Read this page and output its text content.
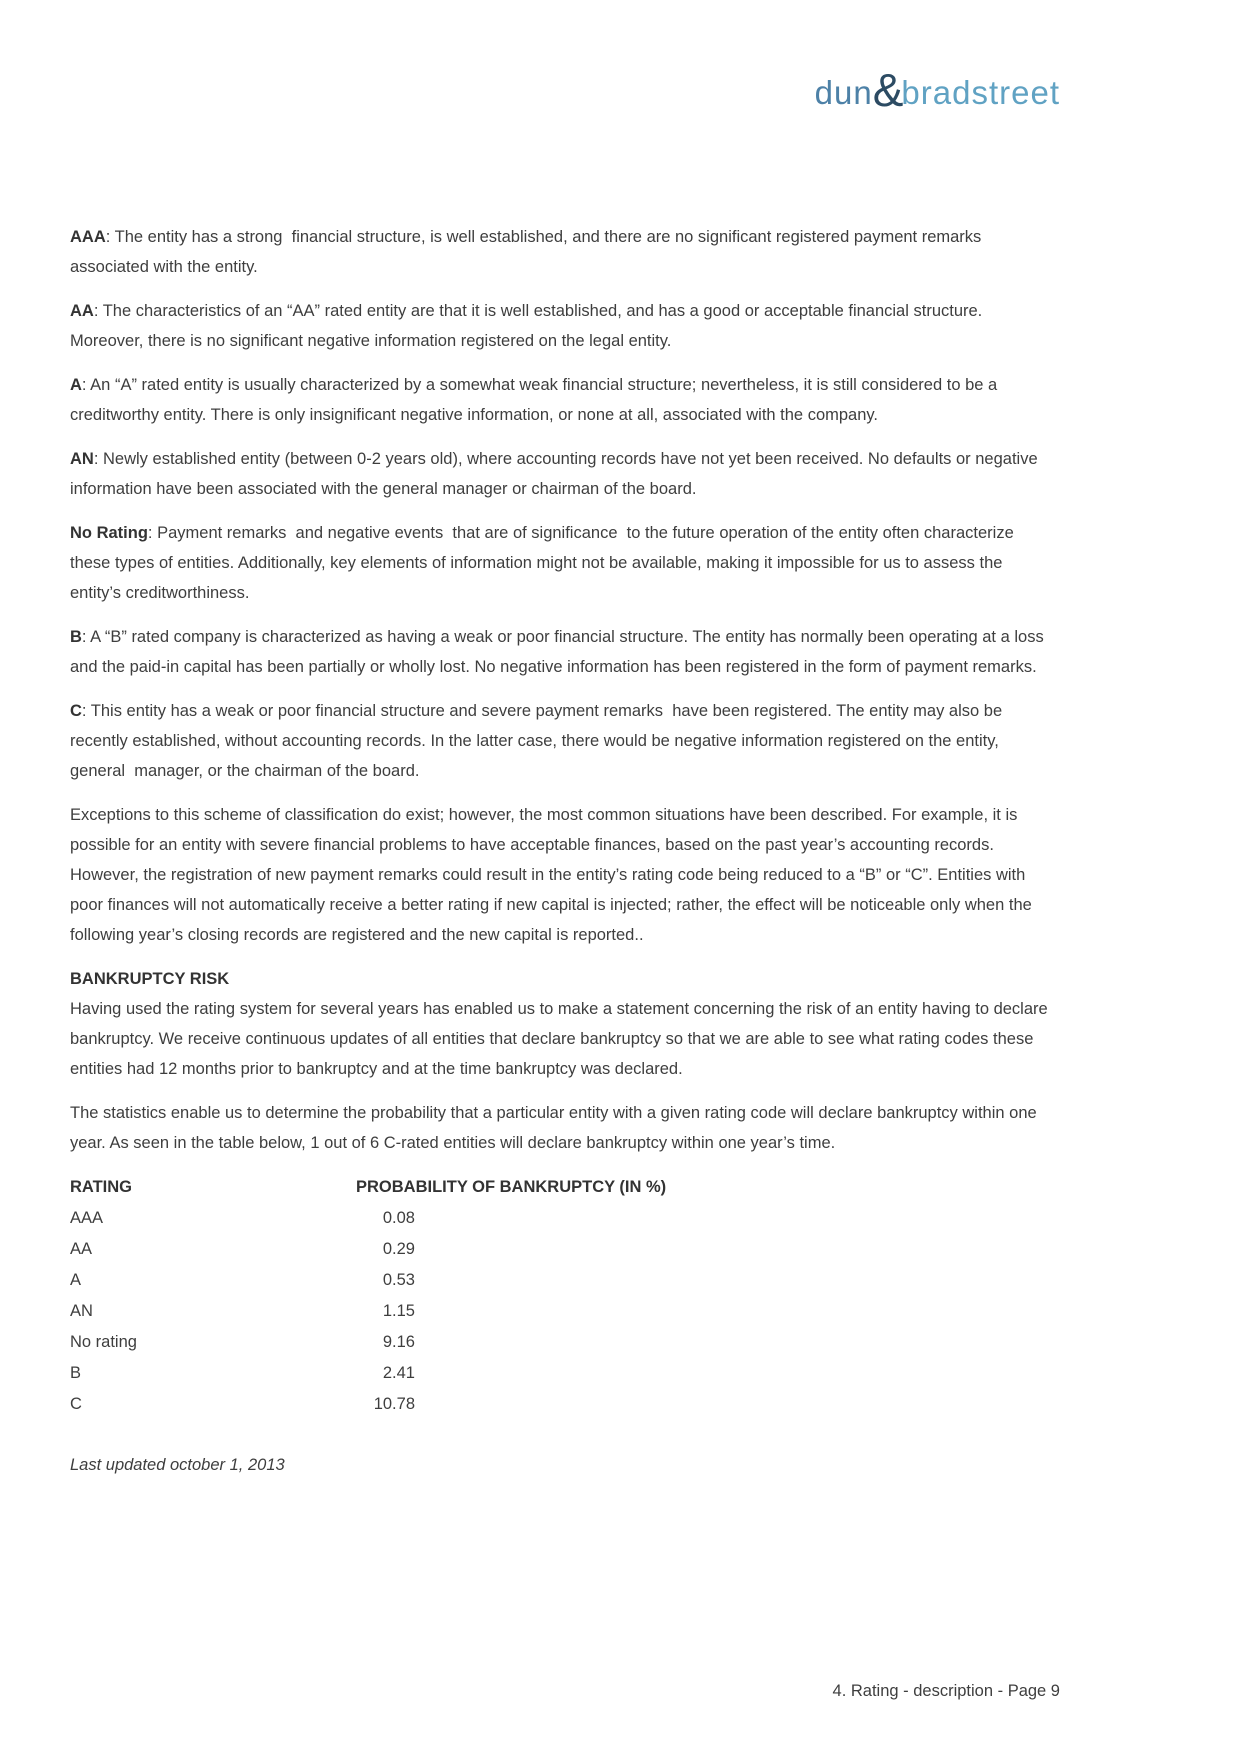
dun&bradstreet

AAA: The entity has a strong  financial structure, is well established, and there are no significant registered payment remarks associated with the entity.

AA: The characteristics of an “AA” rated entity are that it is well established, and has a good or acceptable financial structure. Moreover, there is no significant negative information registered on the legal entity.

A: An “A” rated entity is usually characterized by a somewhat weak financial structure; nevertheless, it is still considered to be a creditworthy entity. There is only insignificant negative information, or none at all, associated with the company.

AN: Newly established entity (between 0-2 years old), where accounting records have not yet been received. No defaults or negative information have been associated with the general manager or chairman of the board.

No Rating: Payment remarks  and negative events  that are of significance  to the future operation of the entity often characterize these types of entities. Additionally, key elements of information might not be available, making it impossible for us to assess the entity’s creditworthiness.

B: A “B” rated company is characterized as having a weak or poor financial structure. The entity has normally been operating at a loss and the paid-in capital has been partially or wholly lost. No negative information has been registered in the form of payment remarks.

C: This entity has a weak or poor financial structure and severe payment remarks  have been registered. The entity may also be recently established, without accounting records. In the latter case, there would be negative information registered on the entity, general  manager, or the chairman of the board.

Exceptions to this scheme of classification do exist; however, the most common situations have been described. For example, it is possible for an entity with severe financial problems to have acceptable finances, based on the past year’s accounting records. However, the registration of new payment remarks could result in the entity’s rating code being reduced to a “B” or “C”. Entities with poor finances will not automatically receive a better rating if new capital is injected; rather, the effect will be noticeable only when the following year’s closing records are registered and the new capital is reported..

BANKRUPTCY RISK

Having used the rating system for several years has enabled us to make a statement concerning the risk of an entity having to declare bankruptcy. We receive continuous updates of all entities that declare bankruptcy so that we are able to see what rating codes these entities had 12 months prior to bankruptcy and at the time bankruptcy was declared.

The statistics enable us to determine the probability that a particular entity with a given rating code will declare bankruptcy within one year. As seen in the table below, 1 out of 6 C-rated entities will declare bankruptcy within one year’s time.

RATING	PROBABILITY OF BANKRUPTCY (IN %)
AAA	0.08
AA	0.29
A	0.53
AN	1.15
No rating	9.16
B	2.41
C	10.78

Last updated october 1, 2013

4. Rating - description - Page 9
